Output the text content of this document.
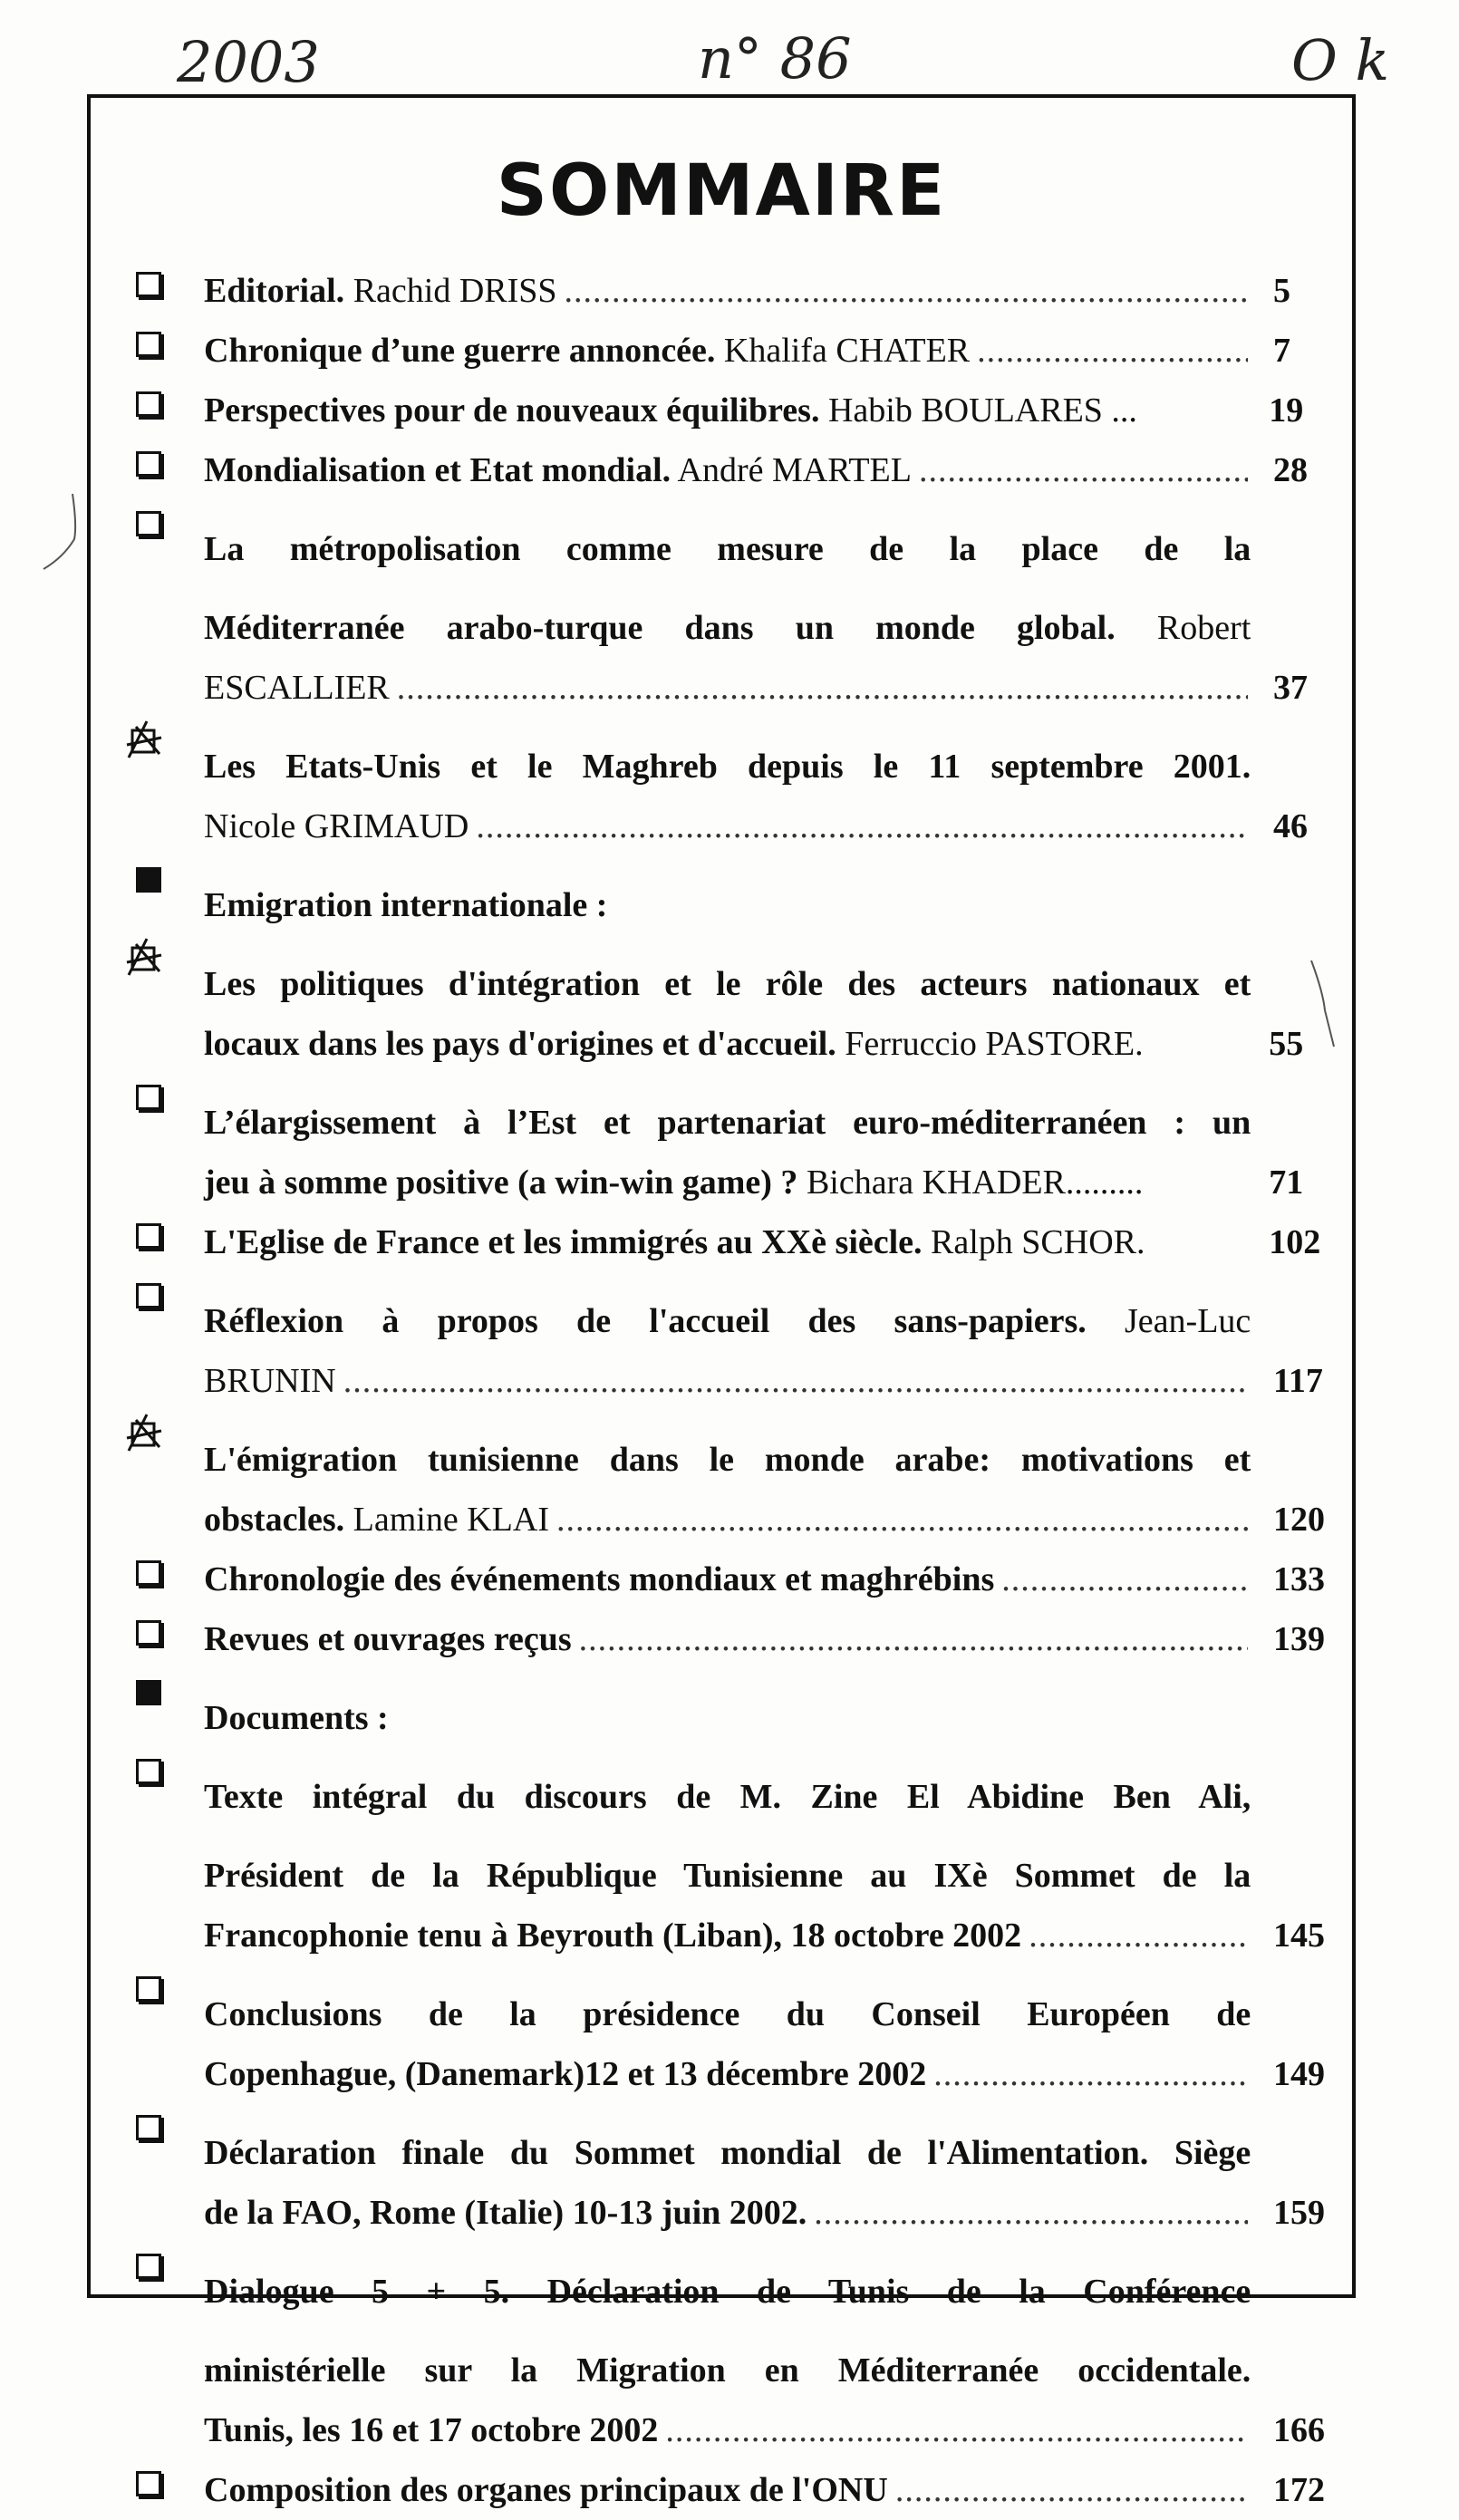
2003	n° 86	O k
SOMMAIRE
Editorial. Rachid DRISS .....	5
Chronique d’une guerre annoncée. Khalifa CHATER .....	7
Perspectives pour de nouveaux équilibres. Habib BOULARES ...	19
Mondialisation et Etat mondial. André MARTEL .....	28
La métropolisation comme mesure de la place de la
Méditerranée arabo-turque dans un monde global. Robert
ESCALLIER .....	37
Les Etats-Unis et le Maghreb depuis le 11 septembre 2001.
Nicole GRIMAUD .....	46
Emigration internationale :
Les politiques d'intégration et le rôle des acteurs nationaux et
locaux dans les pays d'origines et d'accueil. Ferruccio PASTORE.	55
L’élargissement à l’Est et partenariat euro-méditerranéen : un
jeu à somme positive (a win-win game) ? Bichara KHADER.........	71
L'Eglise de France et les immigrés au XXè siècle. Ralph SCHOR.	102
Réflexion à propos de l'accueil des sans-papiers. Jean-Luc
BRUNIN .....	117
L'émigration tunisienne dans le monde arabe: motivations et
obstacles. Lamine KLAI .....	120
Chronologie des événements mondiaux et maghrébins .....	133
Revues et ouvrages reçus .....	139
Documents :
Texte intégral du discours de M. Zine El Abidine Ben Ali,
Président de la République Tunisienne au IXè Sommet de la
Francophonie tenu à Beyrouth (Liban), 18 octobre 2002 .....	145
Conclusions de la présidence du Conseil Européen de
Copenhague, (Danemark)12 et 13 décembre 2002 .....	149
Déclaration finale du Sommet mondial de l'Alimentation. Siège
de la FAO, Rome (Italie) 10-13 juin 2002. .....	159
Dialogue 5 + 5. Déclaration de Tunis de la Conférence
ministérielle sur la Migration en Méditerranée occidentale.
Tunis, les 16 et 17 octobre 2002 .....	166
Composition des organes principaux de l'ONU .....	172
